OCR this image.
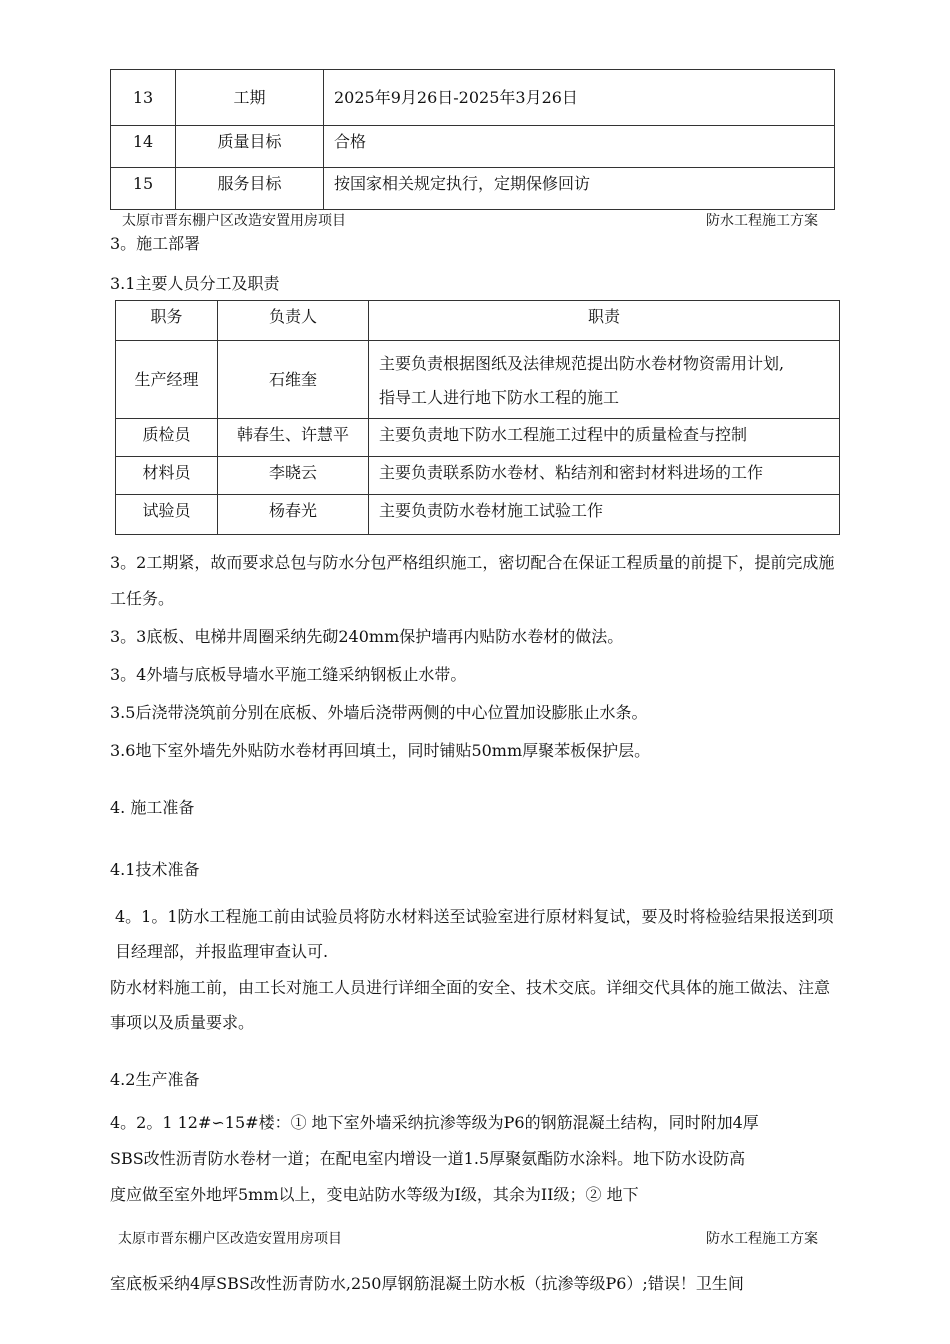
13	工期	2025年9月26日-2025年3月26日
14	质量目标	合格
15	服务目标	按国家相关规定执行，定期保修回访
太原市晋东棚户区改造安置用房项目	防水工程施工方案
3。施工部署
3.1主要人员分工及职责
职务	负责人	职责
生产经理	石维奎	主要负责根据图纸及法律规范提出防水卷材物资需用计划,
指导工人进行地下防水工程的施工

质检员	韩春生、许慧平	主要负责地下防水工程施工过程中的质量检查与控制
材料员	李晓云	主要负责联系防水卷材、粘结剂和密封材料进场的工作
试验员	杨春光	主要负责防水卷材施工试验工作
3。2工期紧，故而要求总包与防水分包严格组织施工，密切配合在保证工程质量的前提下，提前完成施工任务。
3。3底板、电梯井周圈采纳先砌240mm保护墙再内贴防水卷材的做法。
3。4外墙与底板导墙水平施工缝采纳钢板止水带。
3.5后浇带浇筑前分别在底板、外墙后浇带两侧的中心位置加设膨胀止水条。
3.6地下室外墙先外贴防水卷材再回填土，同时铺贴50mm厚聚苯板保护层。
4. 施工准备
4.1技术准备
4。1。1防水工程施工前由试验员将防水材料送至试验室进行原材料复试，要及时将检验结果报送到项目经理部，并报监理审查认可.
防水材料施工前，由工长对施工人员进行详细全面的安全、技术交底。详细交代具体的施工做法、注意事项以及质量要求。
4.2生产准备
4。2。1 12#∽15#楼：① 地下室外墙采纳抗渗等级为P6的钢筋混凝土结构，同时附加4厚
SBS改性沥青防水卷材一道；在配电室内增设一道1.5厚聚氨酯防水涂料。地下防水设防高
度应做至室外地坪5mm以上，变电站防水等级为I级，其余为II级；② 地下
太原市晋东棚户区改造安置用房项目	防水工程施工方案
室底板采纳4厚SBS改性沥青防水,250厚钢筋混凝土防水板（抗渗等级P6）;错误！卫生间
